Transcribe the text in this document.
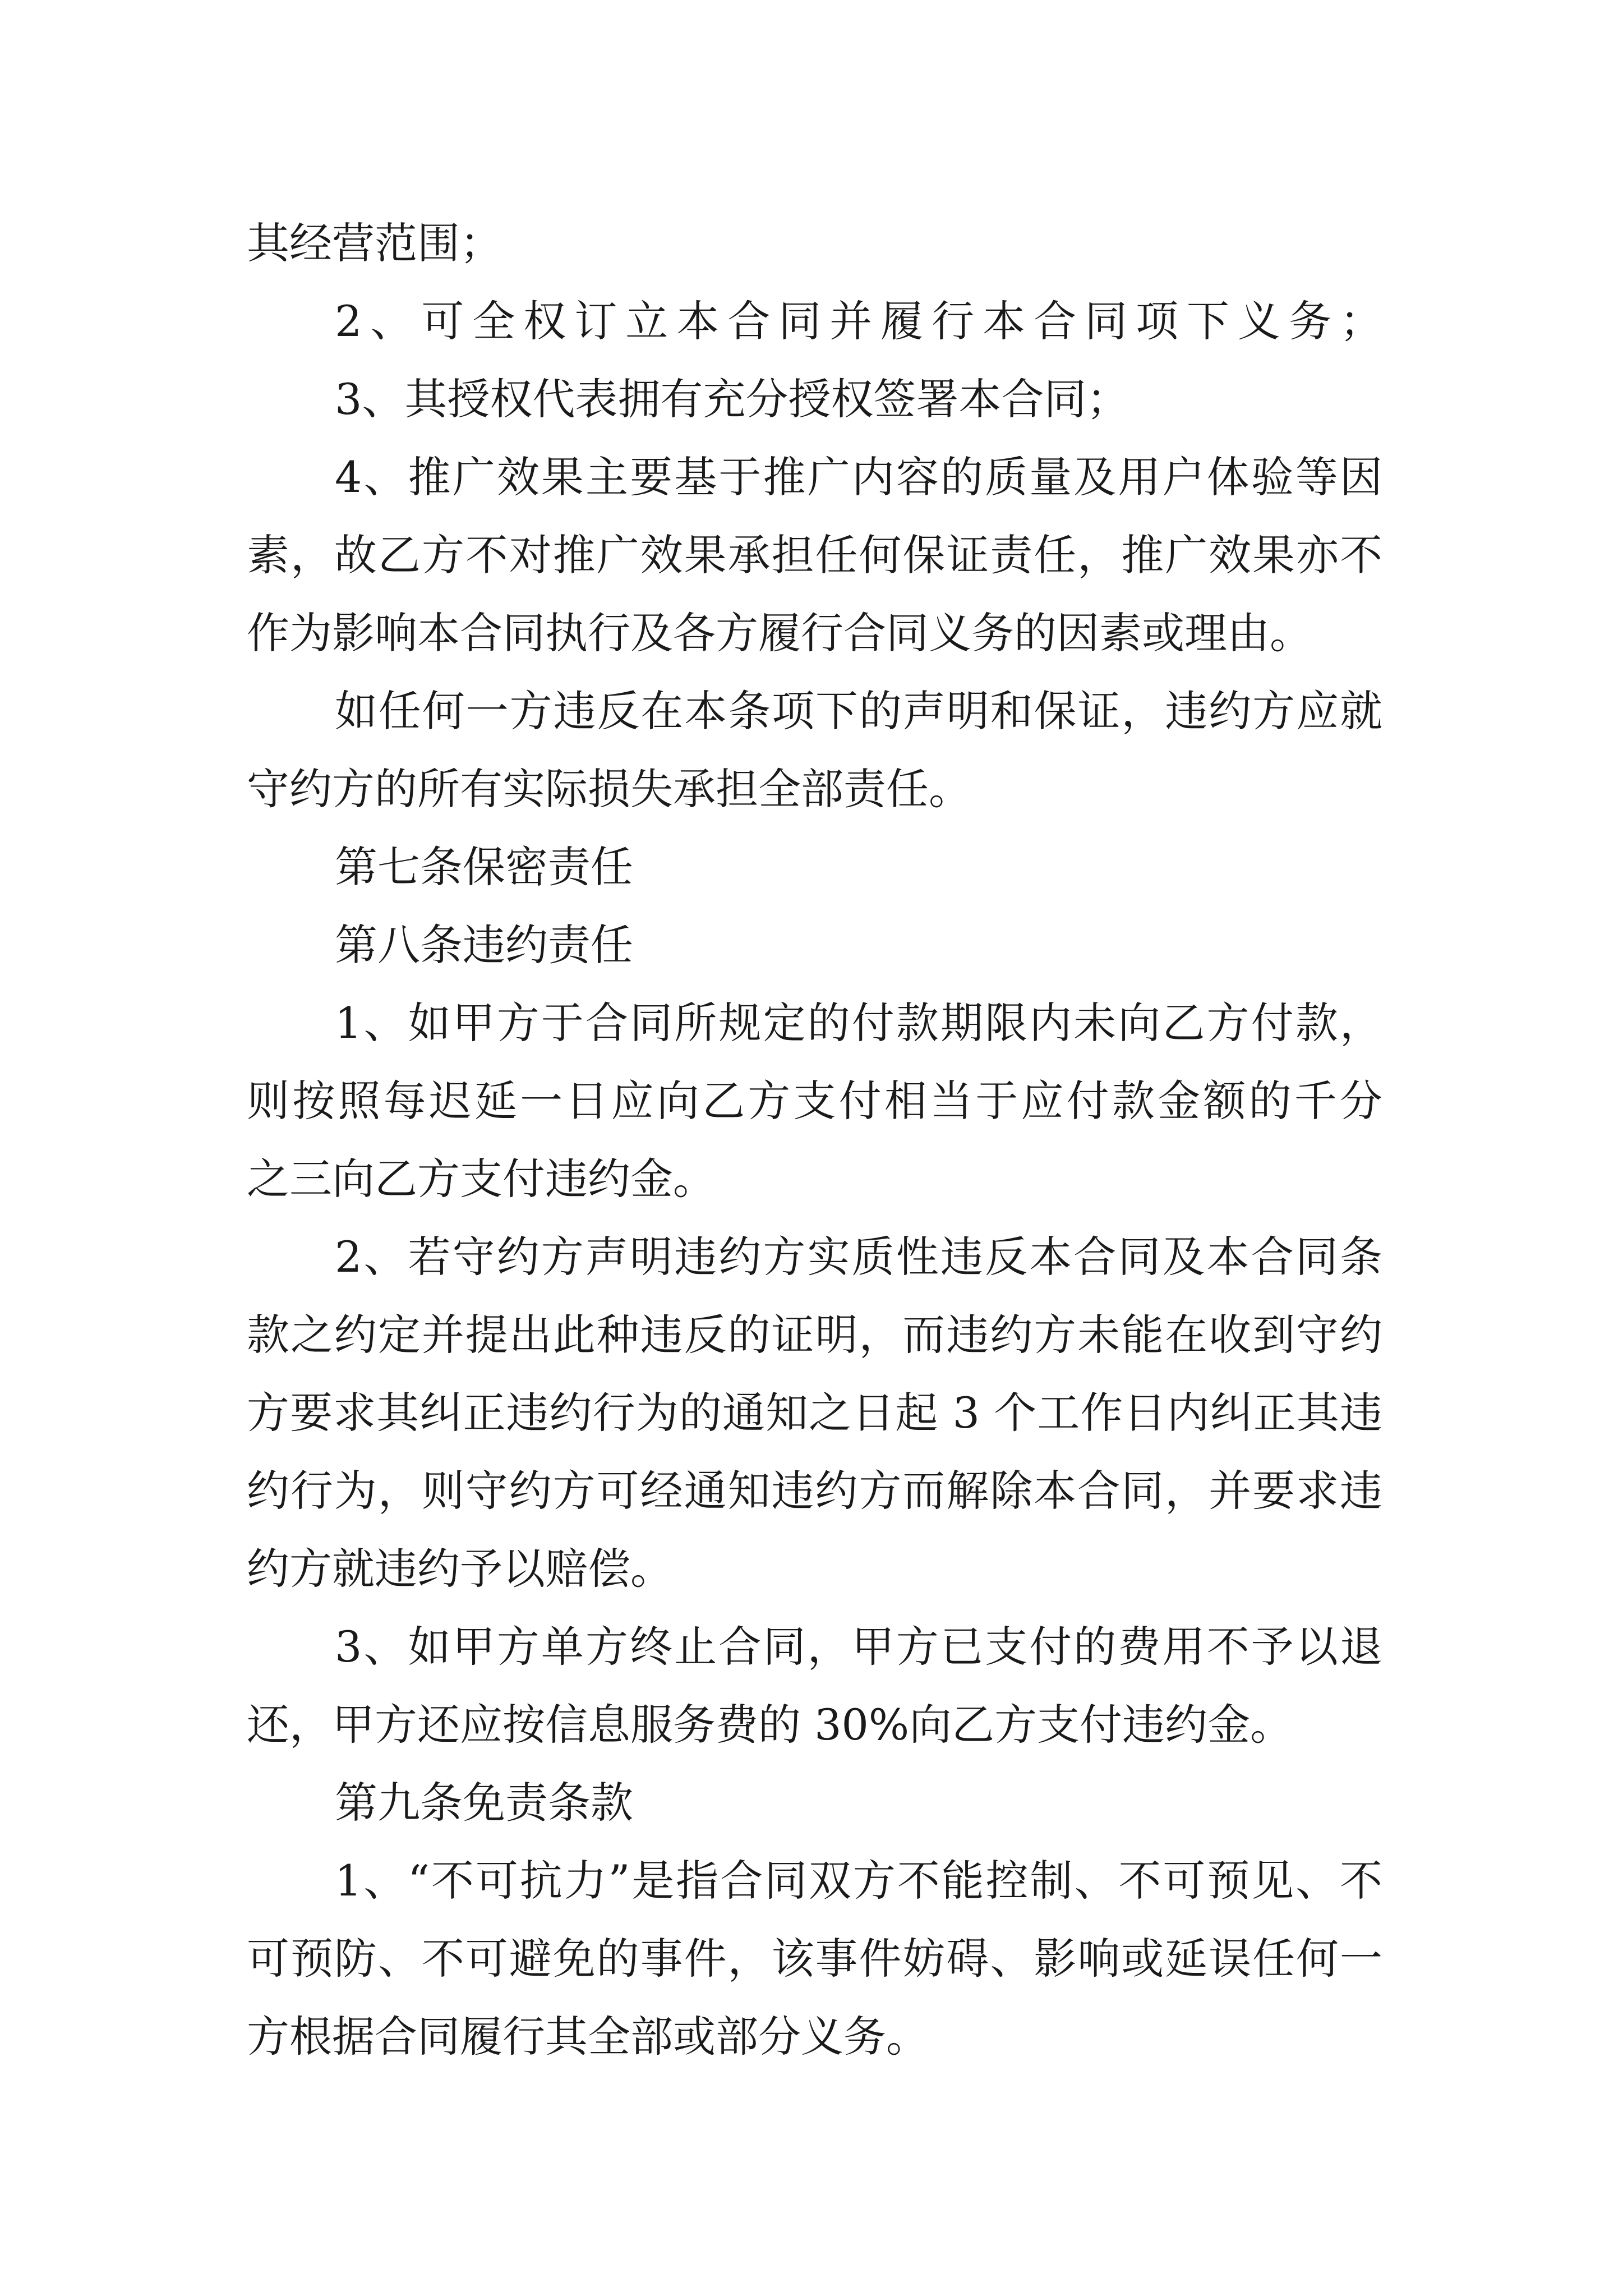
其经营范围；
2、可全权订立本合同并履行本合同项下义务；
3、其授权代表拥有充分授权签署本合同；
4、推广效果主要基于推广内容的质量及用户体验等因
素，故乙方不对推广效果承担任何保证责任，推广效果亦不
作为影响本合同执行及各方履行合同义务的因素或理由。
如任何一方违反在本条项下的声明和保证，违约方应就
守约方的所有实际损失承担全部责任。
第七条保密责任
第八条违约责任
1、如甲方于合同所规定的付款期限内未向乙方付款，
则按照每迟延一日应向乙方支付相当于应付款金额的千分
之三向乙方支付违约金。
2、若守约方声明违约方实质性违反本合同及本合同条
款之约定并提出此种违反的证明，而违约方未能在收到守约
方要求其纠正违约行为的通知之日起 3 个工作日内纠正其违
约行为，则守约方可经通知违约方而解除本合同，并要求违
约方就违约予以赔偿。
3、如甲方单方终止合同，甲方已支付的费用不予以退
还，甲方还应按信息服务费的 30%向乙方支付违约金。
第九条免责条款
1、“不可抗力”是指合同双方不能控制、不可预见、不
可预防、不可避免的事件，该事件妨碍、影响或延误任何一
方根据合同履行其全部或部分义务。
